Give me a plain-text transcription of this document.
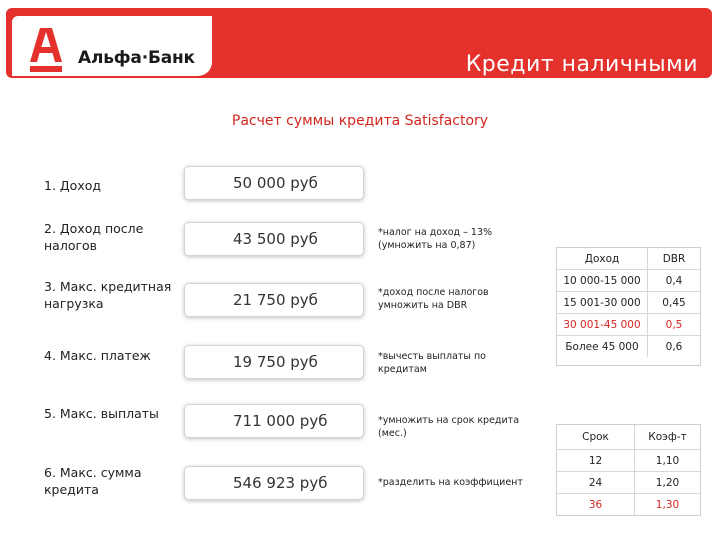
Альфа·Банк	Кредит наличными
Расчет суммы кредита Satisfactory
1. Доход	50 000 руб
2. Доход после налогов	43 500 руб	*налог на доход – 13% (умножить на 0,87)
3. Макс. кредитная нагрузка	21 750 руб	*доход после налогов умножить на DBR
4. Макс. платеж	19 750 руб	*вычесть выплаты по кредитам
5. Макс. выплаты	711 000 руб	*умножить на срок кредита (мес.)
6. Макс. сумма кредита	546 923 руб	*разделить на коэффициент
Доход	DBR
10 000-15 000	0,4
15 001-30 000	0,45
30 001-45 000	0,5
Более 45 000	0,6
Срок	Коэф-т
12	1,10
24	1,20
36	1,30
